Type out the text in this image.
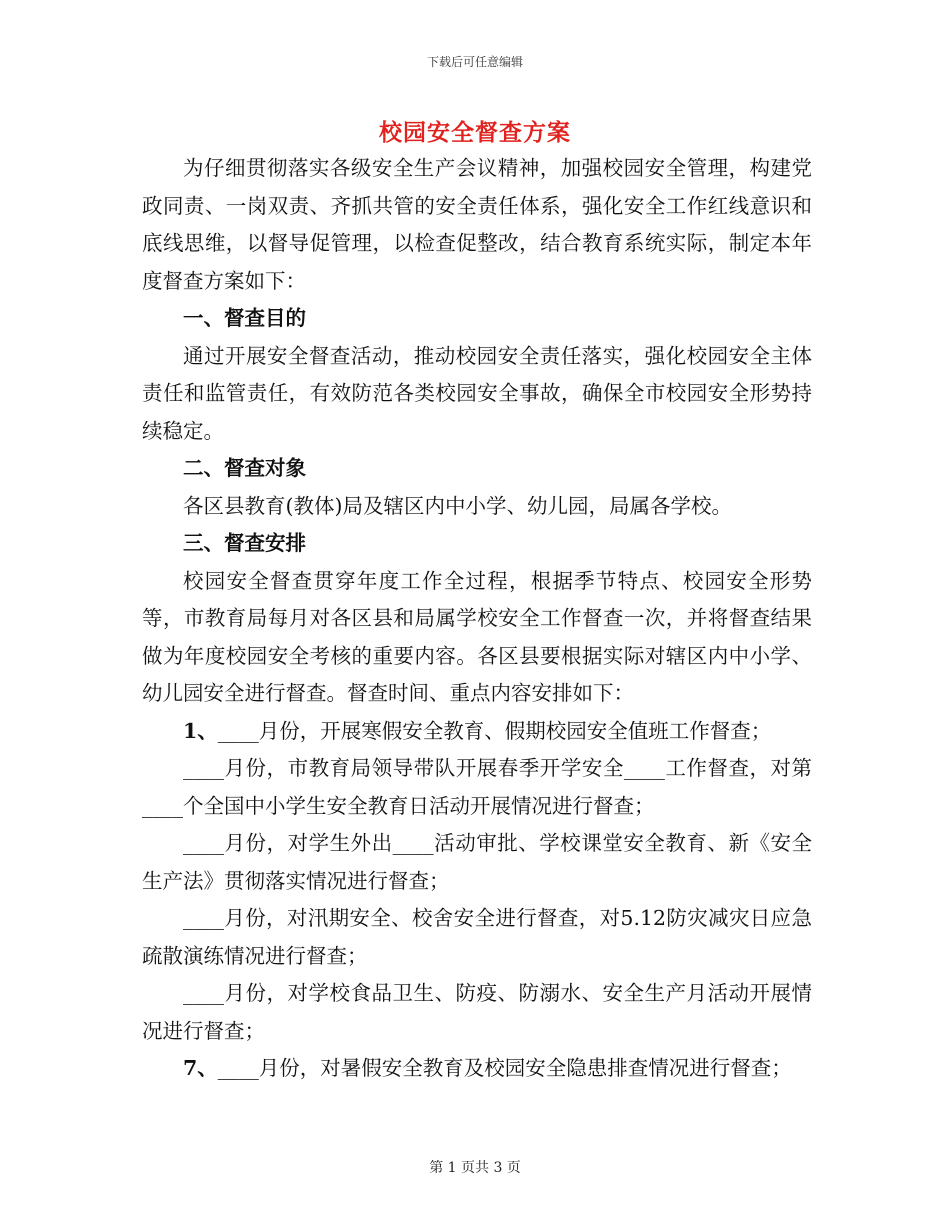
下载后可任意编辑
校园安全督查方案

为仔细贯彻落实各级安全生产会议精神，加强校园安全管理，构建党政同责、一岗双责、齐抓共管的安全责任体系，强化安全工作红线意识和底线思维，以督导促管理，以检查促整改，结合教育系统实际，制定本年度督查方案如下：

一、督查目的

通过开展安全督查活动，推动校园安全责任落实，强化校园安全主体责任和监管责任，有效防范各类校园安全事故，确保全市校园安全形势持续稳定。

二、督查对象

各区县教育(教体)局及辖区内中小学、幼儿园，局属各学校。

三、督查安排

校园安全督查贯穿年度工作全过程，根据季节特点、校园安全形势等，市教育局每月对各区县和局属学校安全工作督查一次，并将督查结果做为年度校园安全考核的重要内容。各区县要根据实际对辖区内中小学、幼儿园安全进行督查。督查时间、重点内容安排如下：

1、____月份，开展寒假安全教育、假期校园安全值班工作督查；

____月份，市教育局领导带队开展春季开学安全____工作督查，对第____个全国中小学生安全教育日活动开展情况进行督查；

____月份，对学生外出____活动审批、学校课堂安全教育、新《安全生产法》贯彻落实情况进行督查；

____月份，对汛期安全、校舍安全进行督查，对5.12防灾减灾日应急疏散演练情况进行督查；

____月份，对学校食品卫生、防疫、防溺水、安全生产月活动开展情况进行督查；

7、____月份，对暑假安全教育及校园安全隐患排查情况进行督查；

第 1 页共 3 页
